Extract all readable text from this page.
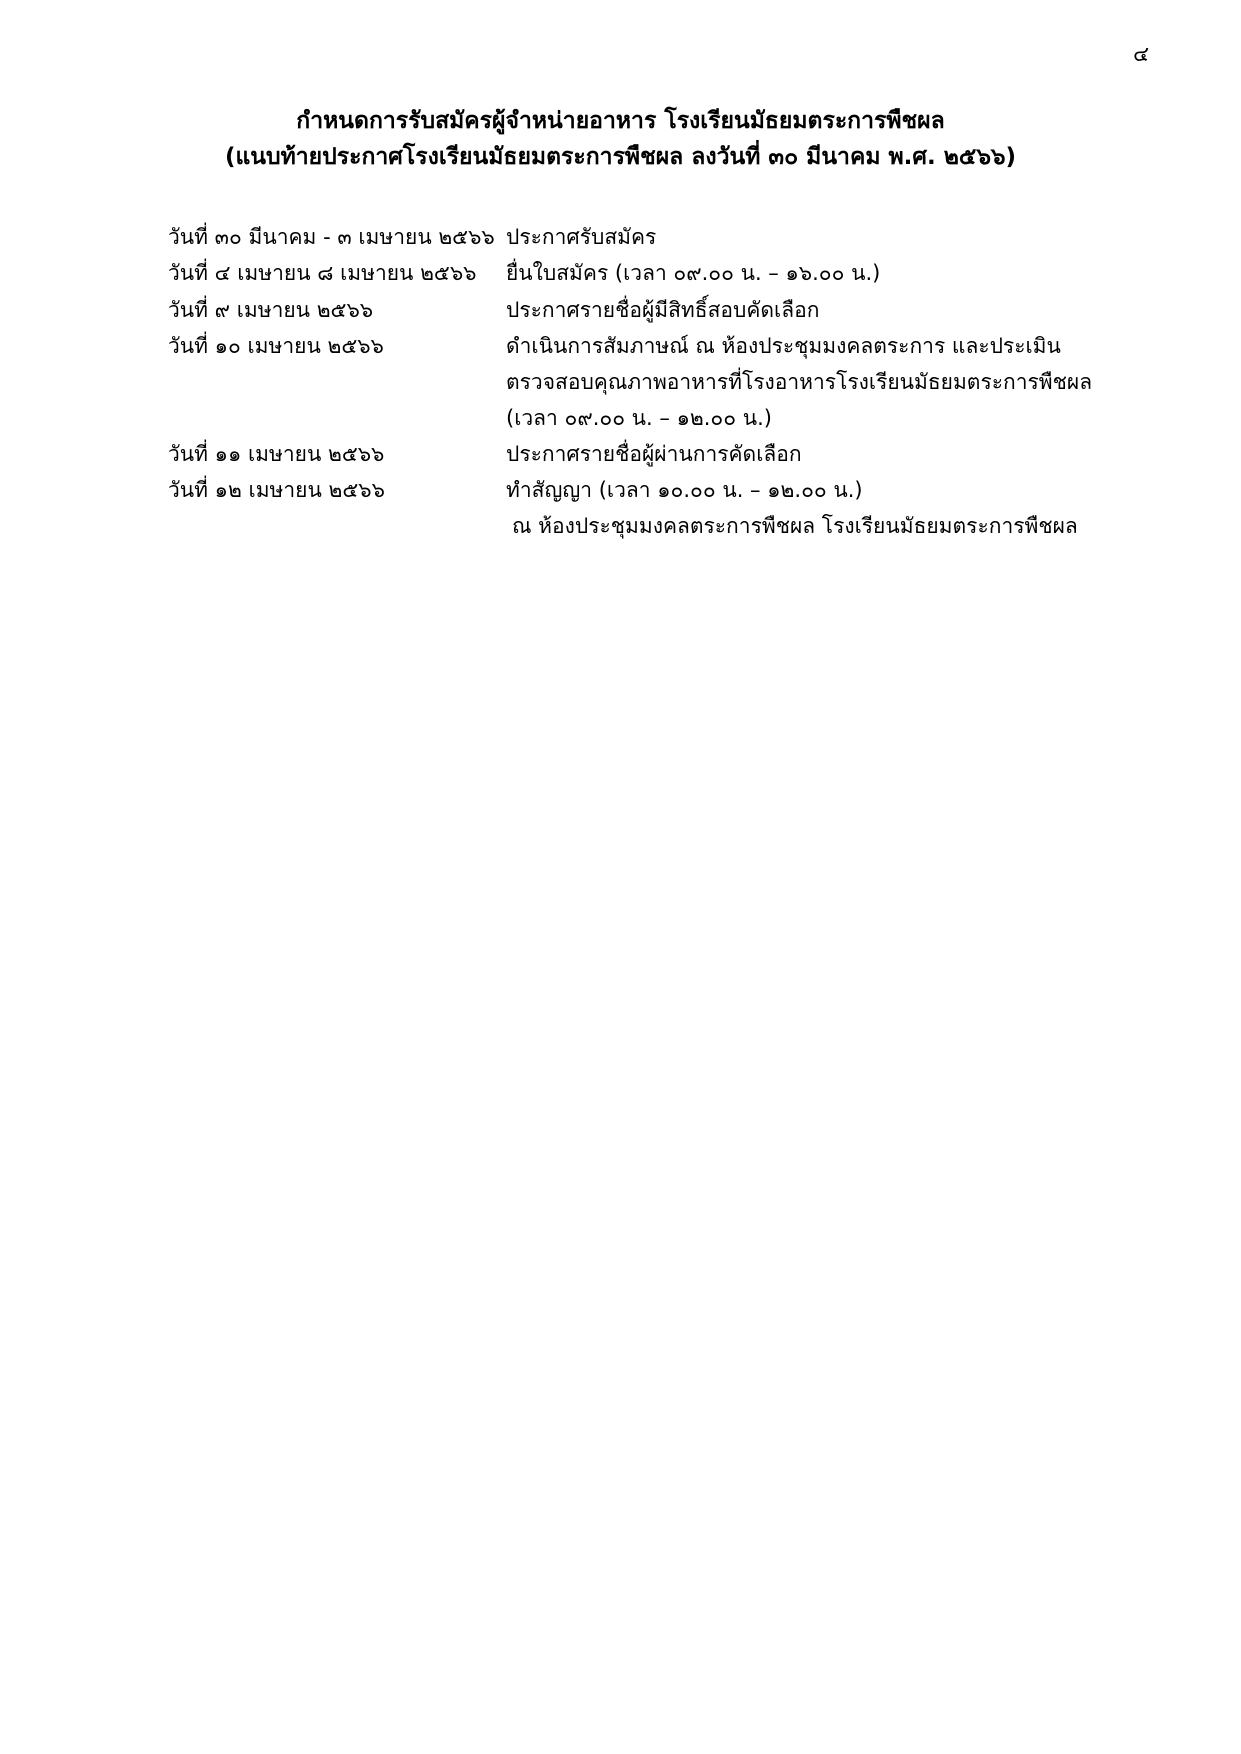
๔
กำหนดการรับสมัครผู้จำหน่ายอาหาร โรงเรียนมัธยมตระการพืชผล
(แนบท้ายประกาศโรงเรียนมัธยมตระการพืชผล ลงวันที่ ๓๐ มีนาคม พ.ศ. ๒๕๖๖)
วันที่ ๓๐ มีนาคม - ๓ เมษายน ๒๕๖๖ ประกาศรับสมัคร
วันที่ ๔ เมษายน ๘ เมษายน ๒๕๖๖	ยื่นใบสมัคร (เวลา ๐๙.๐๐ น. – ๑๖.๐๐ น.)
วันที่ ๙ เมษายน ๒๕๖๖	ประกาศรายชื่อผู้มีสิทธิ์สอบคัดเลือก
วันที่ ๑๐ เมษายน ๒๕๖๖	ดำเนินการสัมภาษณ์ ณ ห้องประชุมมงคลตระการ และประเมิน
ตรวจสอบคุณภาพอาหารที่โรงอาหารโรงเรียนมัธยมตระการพืชผล
(เวลา ๐๙.๐๐ น. – ๑๒.๐๐ น.)
วันที่ ๑๑ เมษายน ๒๕๖๖	ประกาศรายชื่อผู้ผ่านการคัดเลือก
วันที่ ๑๒ เมษายน ๒๕๖๖	ทำสัญญา (เวลา ๑๐.๐๐ น. – ๑๒.๐๐ น.)
ณ ห้องประชุมมงคลตระการพืชผล โรงเรียนมัธยมตระการพืชผล
